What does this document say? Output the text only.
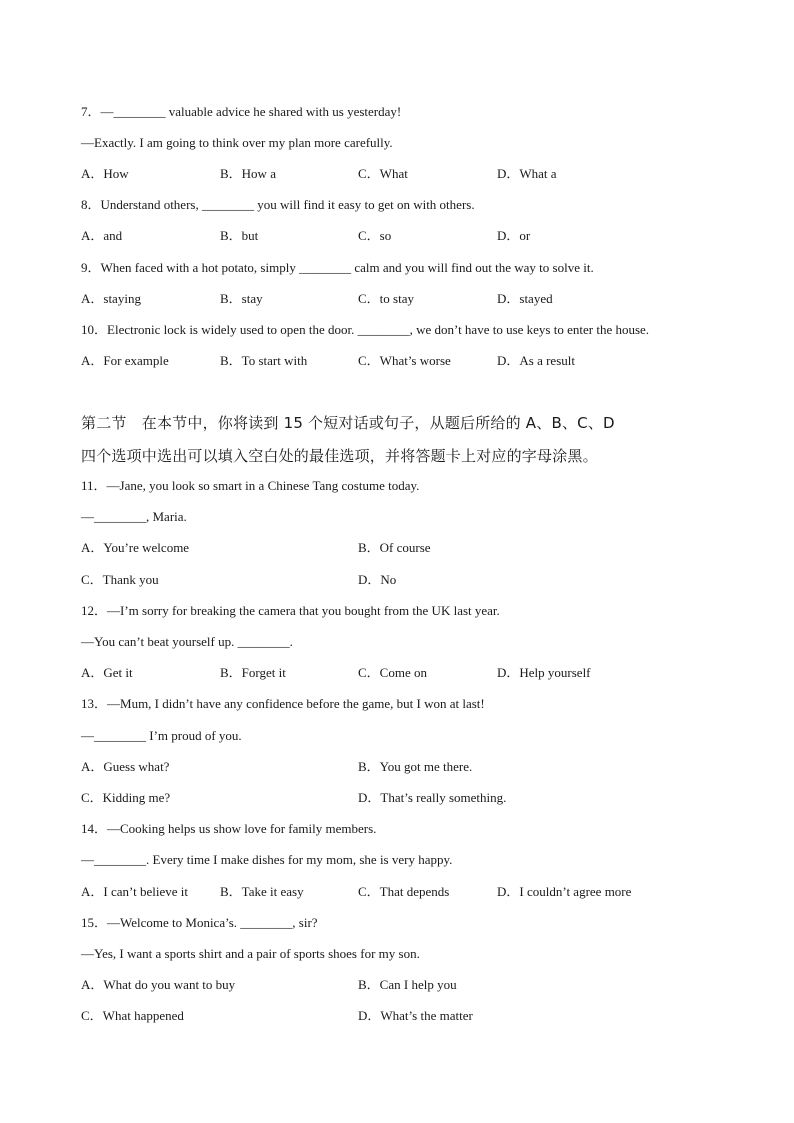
7．—________ valuable advice he shared with us yesterday!
—Exactly. I am going to think over my plan more carefully.
A．How	B．How a	C．What	D．What a
8．Understand others, ________ you will find it easy to get on with others.
A．and	B．but	C．so	D．or
9．When faced with a hot potato, simply ________ calm and you will find out the way to solve it.
A．staying	B．stay	C．to stay	D．stayed
10．Electronic lock is widely used to open the door. ________, we don’t have to use keys to enter the house.
A．For example	B．To start with	C．What’s worse	D．As a result
第二节　在本节中，你将读到 15 个短对话或句子，从题后所给的 A、B、C、D
四个选项中选出可以填入空白处的最佳选项，并将答题卡上对应的字母涂黑。
11．—Jane, you look so smart in a Chinese Tang costume today.
—________, Maria.
A．You’re welcome	B．Of course
C．Thank you	D．No
12．—I’m sorry for breaking the camera that you bought from the UK last year.
—You can’t beat yourself up. ________.
A．Get it	B．Forget it	C．Come on	D．Help yourself
13．—Mum, I didn’t have any confidence before the game, but I won at last!
—________ I’m proud of you.
A．Guess what?	B．You got me there.
C．Kidding me?	D．That’s really something.
14．—Cooking helps us show love for family members.
—________. Every time I make dishes for my mom, she is very happy.
A．I can’t believe it B．Take it easy	C．That depends	D．I couldn’t agree more
15．—Welcome to Monica’s. ________, sir?
—Yes, I want a sports shirt and a pair of sports shoes for my son.
A．What do you want to buy	B．Can I help you
C．What happened	D．What’s the matter
